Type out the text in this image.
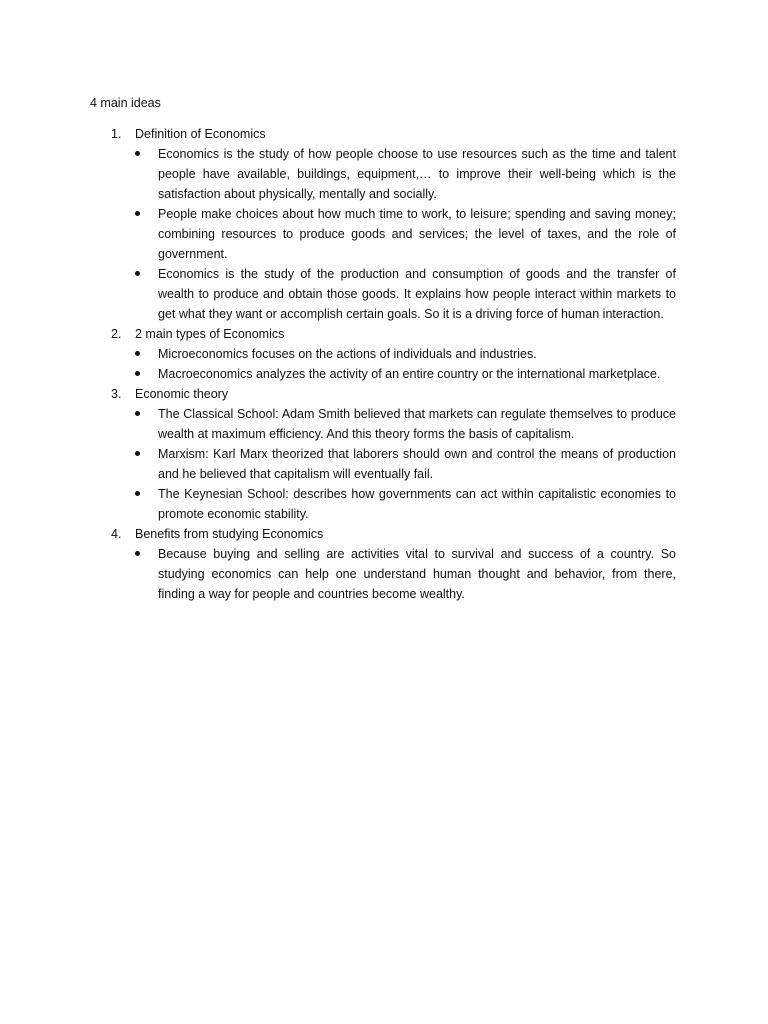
4 main ideas

1. Definition of Economics
Economics is the study of how people choose to use resources such as the time and talent people have available, buildings, equipment,… to improve their well-being which is the satisfaction about physically, mentally and socially.
People make choices about how much time to work, to leisure; spending and saving money; combining resources to produce goods and services; the level of taxes, and the role of government.
Economics is the study of the production and consumption of goods and the transfer of wealth to produce and obtain those goods. It explains how people interact within markets to get what they want or accomplish certain goals. So it is a driving force of human interaction.
2. 2 main types of Economics
Microeconomics focuses on the actions of individuals and industries.
Macroeconomics analyzes the activity of an entire country or the international marketplace.
3. Economic theory
The Classical School: Adam Smith believed that markets can regulate themselves to produce wealth at maximum efficiency. And this theory forms the basis of capitalism.
Marxism: Karl Marx theorized that laborers should own and control the means of production and he believed that capitalism will eventually fail.
The Keynesian School: describes how governments can act within capitalistic economies to promote economic stability.
4. Benefits from studying Economics
Because buying and selling are activities vital to survival and success of a country. So studying economics can help one understand human thought and behavior, from there, finding a way for people and countries become wealthy.
